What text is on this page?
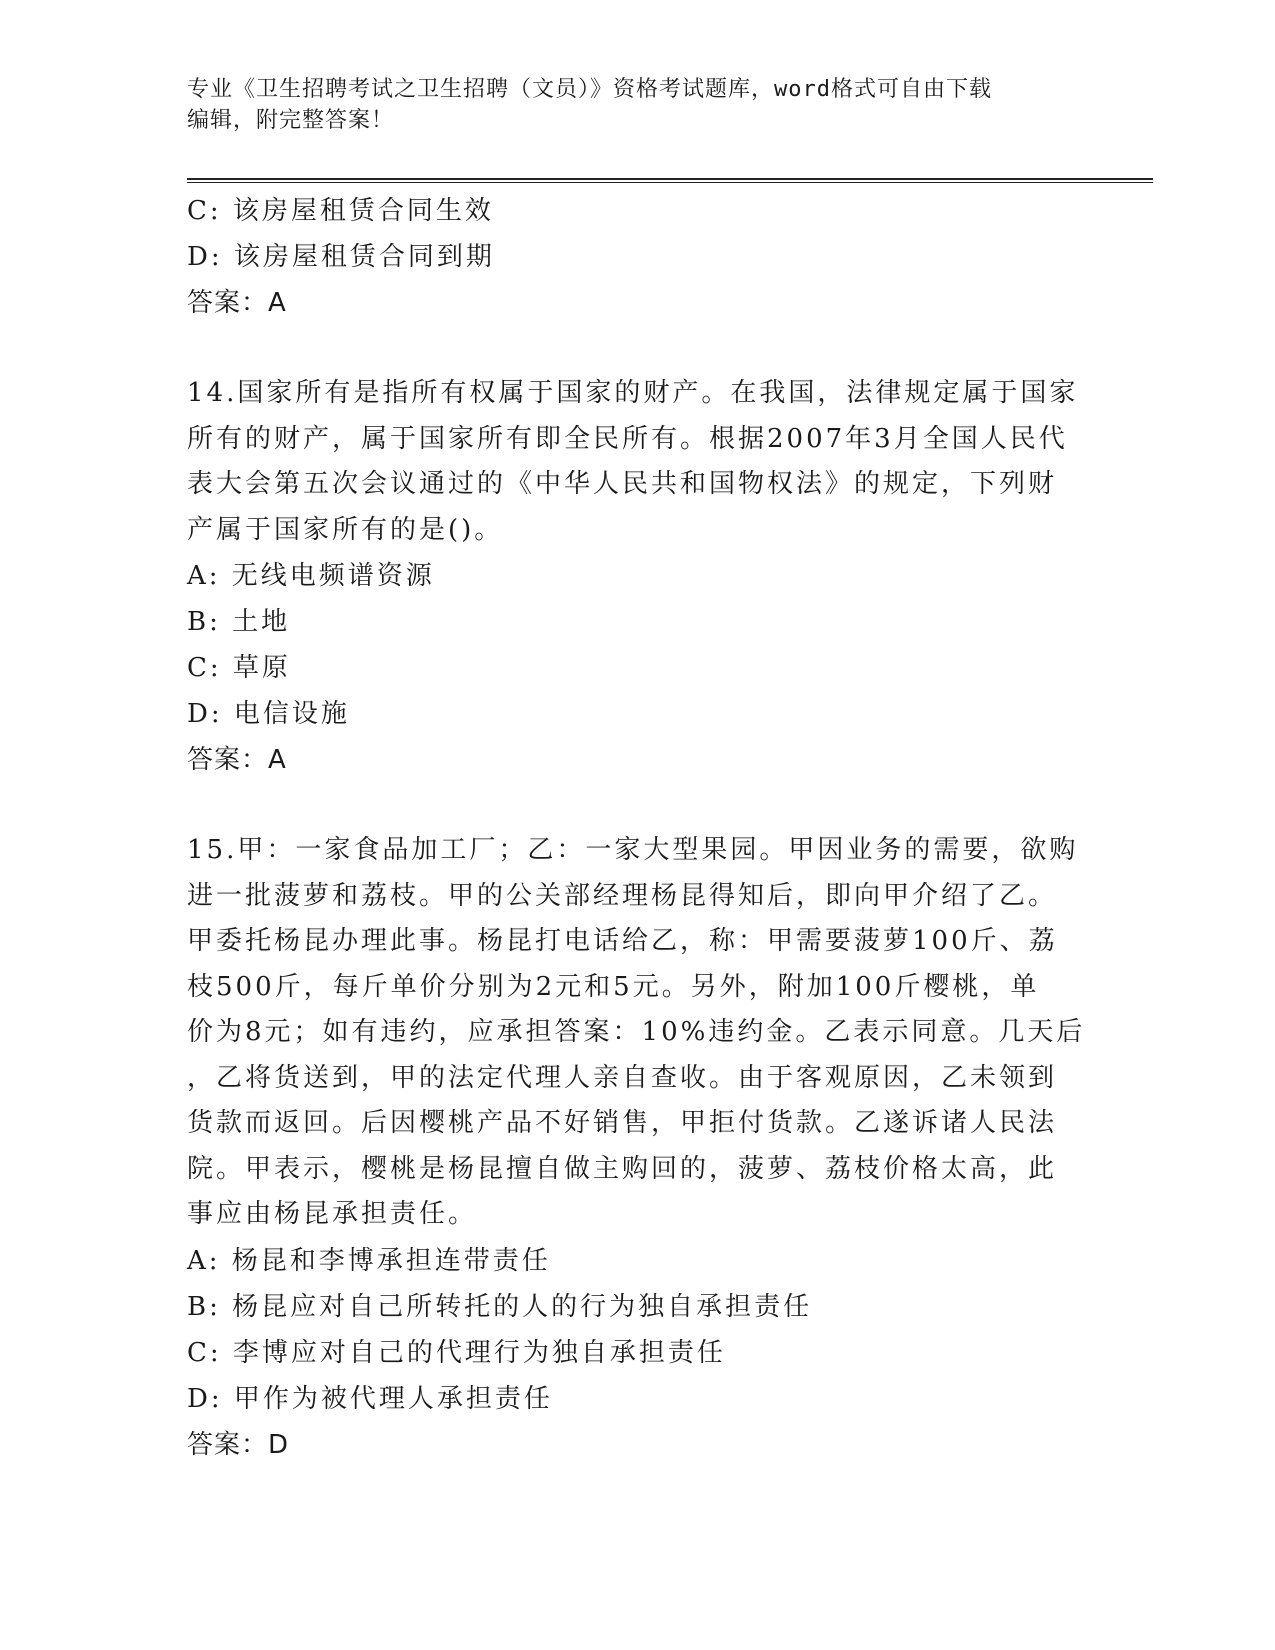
专业《卫生招聘考试之卫生招聘（文员）》资格考试题库，word格式可自由下载
编辑，附完整答案！
C: 该房屋租赁合同生效
D: 该房屋租赁合同到期
答案：A
14.国家所有是指所有权属于国家的财产。在我国，法律规定属于国家
所有的财产，属于国家所有即全民所有。根据2007年3月全国人民代
表大会第五次会议通过的《中华人民共和国物权法》的规定，下列财
产属于国家所有的是()。
A: 无线电频谱资源
B: 土地
C: 草原
D: 电信设施
答案：A
15.甲：一家食品加工厂；乙：一家大型果园。甲因业务的需要，欲购
进一批菠萝和荔枝。甲的公关部经理杨昆得知后，即向甲介绍了乙。
甲委托杨昆办理此事。杨昆打电话给乙，称：甲需要菠萝100斤、荔
枝500斤，每斤单价分别为2元和5元。另外，附加100斤樱桃，单
价为8元；如有违约，应承担答案：10%违约金。乙表示同意。几天后
，乙将货送到，甲的法定代理人亲自查收。由于客观原因，乙未领到
货款而返回。后因樱桃产品不好销售，甲拒付货款。乙遂诉诸人民法
院。甲表示，樱桃是杨昆擅自做主购回的，菠萝、荔枝价格太高，此
事应由杨昆承担责任。
A: 杨昆和李博承担连带责任
B: 杨昆应对自己所转托的人的行为独自承担责任
C: 李博应对自己的代理行为独自承担责任
D: 甲作为被代理人承担责任
答案：D
